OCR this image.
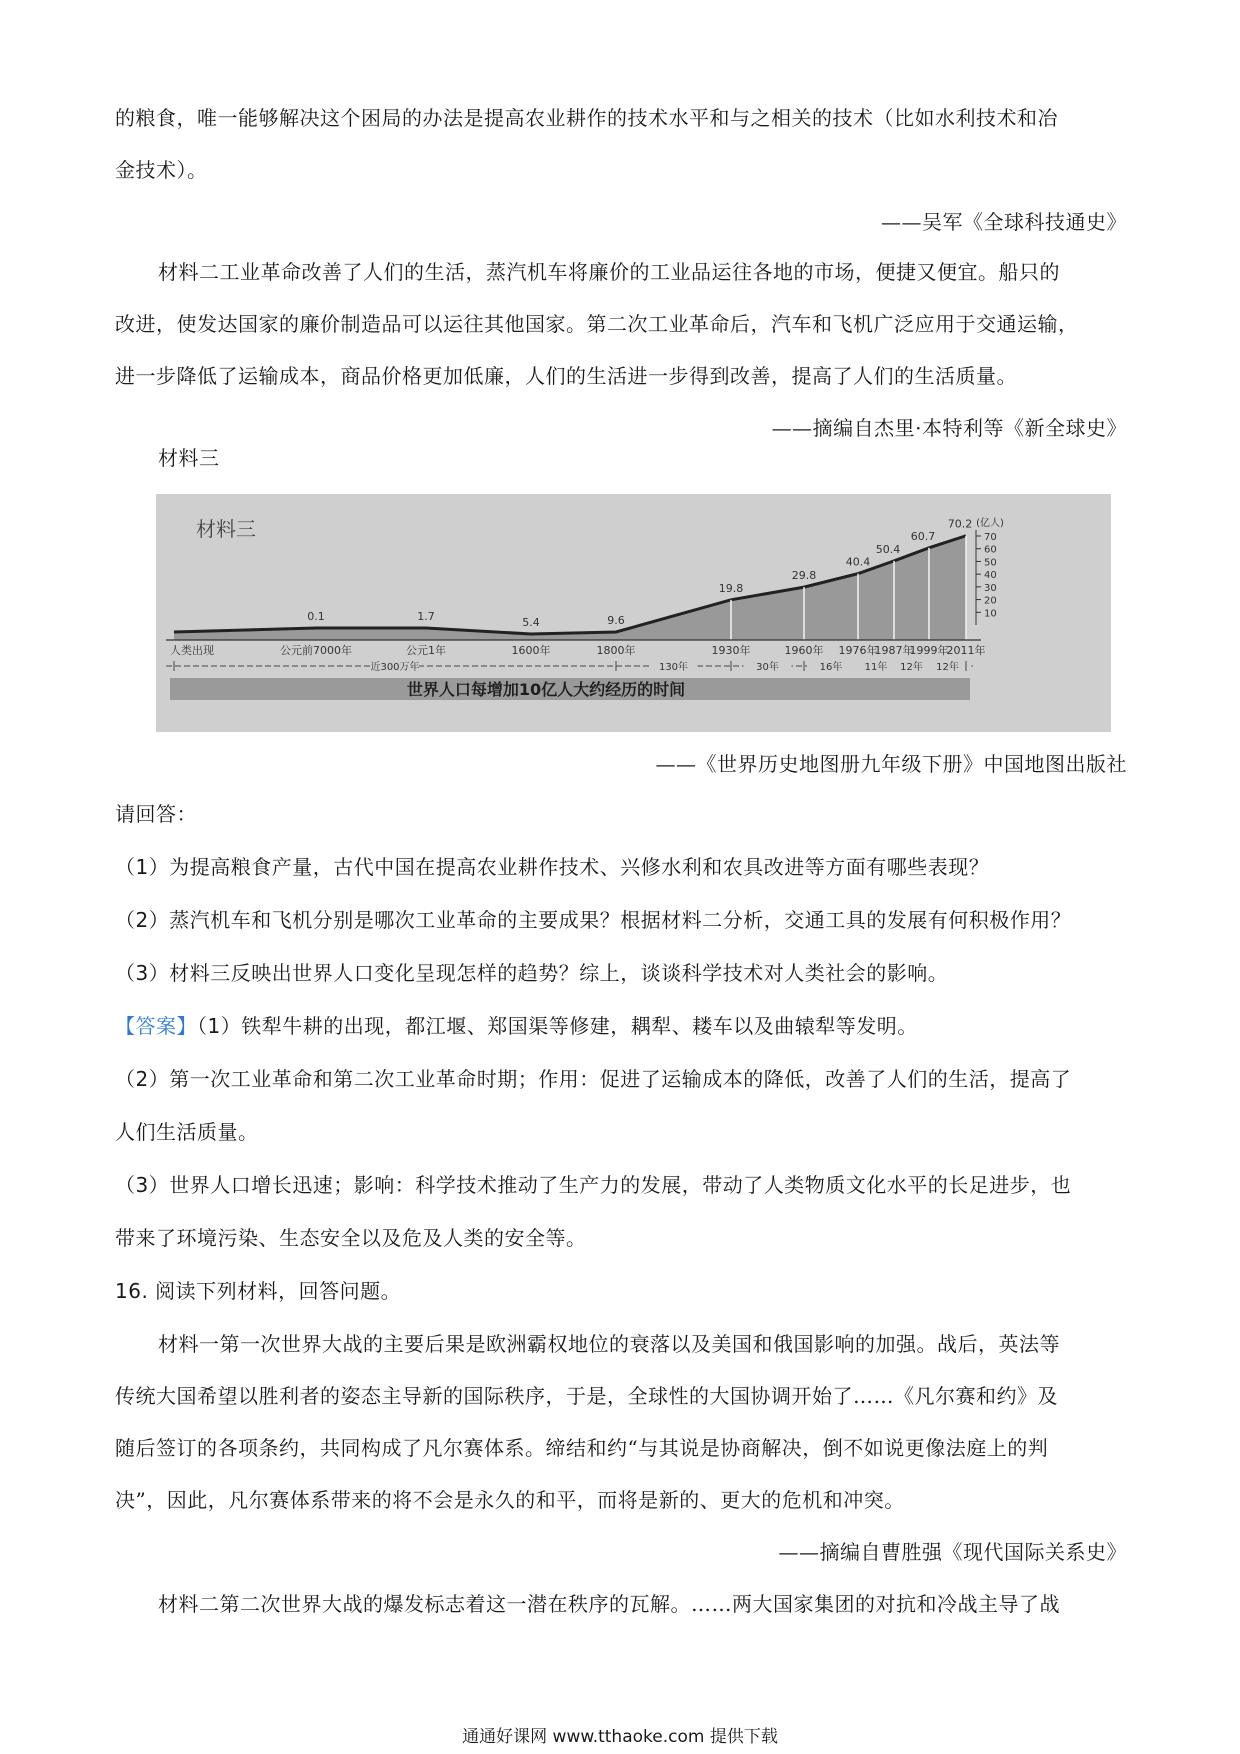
的粮食，唯一能够解决这个困局的办法是提高农业耕作的技术水平和与之相关的技术（比如水利技术和冶
金技术）。
——吴军《全球科技通史》
材料二工业革命改善了人们的生活，蒸汽机车将廉价的工业品运往各地的市场，便捷又便宜。船只的
改进，使发达国家的廉价制造品可以运往其他国家。第二次工业革命后，汽车和飞机广泛应用于交通运输，
进一步降低了运输成本，商品价格更加低廉，人们的生活进一步得到改善，提高了人们的生活质量。
——摘编自杰里·本特利等《新全球史》
材料三
0.1	1.7	5.4	9.6
19.8
29.8
40.4
50.4
60.7
70.2
人类出现	公元前7000年	公元1年	1600年	1800年	1930年	1960年 1976年
1987年
1999年
2011年
10
20
30
40
50
60
70
(亿人)
近300万年	130年	30年	16年 11年 12年 12年
世界人口每增加10亿人大约经历的时间
材料三
——《世界历史地图册九年级下册》中国地图出版社
请回答：
（1）为提高粮食产量，古代中国在提高农业耕作技术、兴修水利和农具改进等方面有哪些表现？
（2）蒸汽机车和飞机分别是哪次工业革命的主要成果？根据材料二分析，交通工具的发展有何积极作用？
（3）材料三反映出世界人口变化呈现怎样的趋势？综上，谈谈科学技术对人类社会的影响。
【答案】（1）铁犁牛耕的出现，都江堰、郑国渠等修建，耦犁、耧车以及曲辕犁等发明。
（2）第一次工业革命和第二次工业革命时期；作用：促进了运输成本的降低，改善了人们的生活，提高了
人们生活质量。
（3）世界人口增长迅速；影响：科学技术推动了生产力的发展，带动了人类物质文化水平的长足进步，也
带来了环境污染、生态安全以及危及人类的安全等。
16. 阅读下列材料，回答问题。
材料一第一次世界大战的主要后果是欧洲霸权地位的衰落以及美国和俄国影响的加强。战后，英法等
传统大国希望以胜利者的姿态主导新的国际秩序，于是，全球性的大国协调开始了……《凡尔赛和约》及
随后签订的各项条约，共同构成了凡尔赛体系。缔结和约“与其说是协商解决，倒不如说更像法庭上的判
决”，因此，凡尔赛体系带来的将不会是永久的和平，而将是新的、更大的危机和冲突。
——摘编自曹胜强《现代国际关系史》
材料二第二次世界大战的爆发标志着这一潜在秩序的瓦解。……两大国家集团的对抗和冷战主导了战
通通好课网 www.tthaoke.com 提供下载
